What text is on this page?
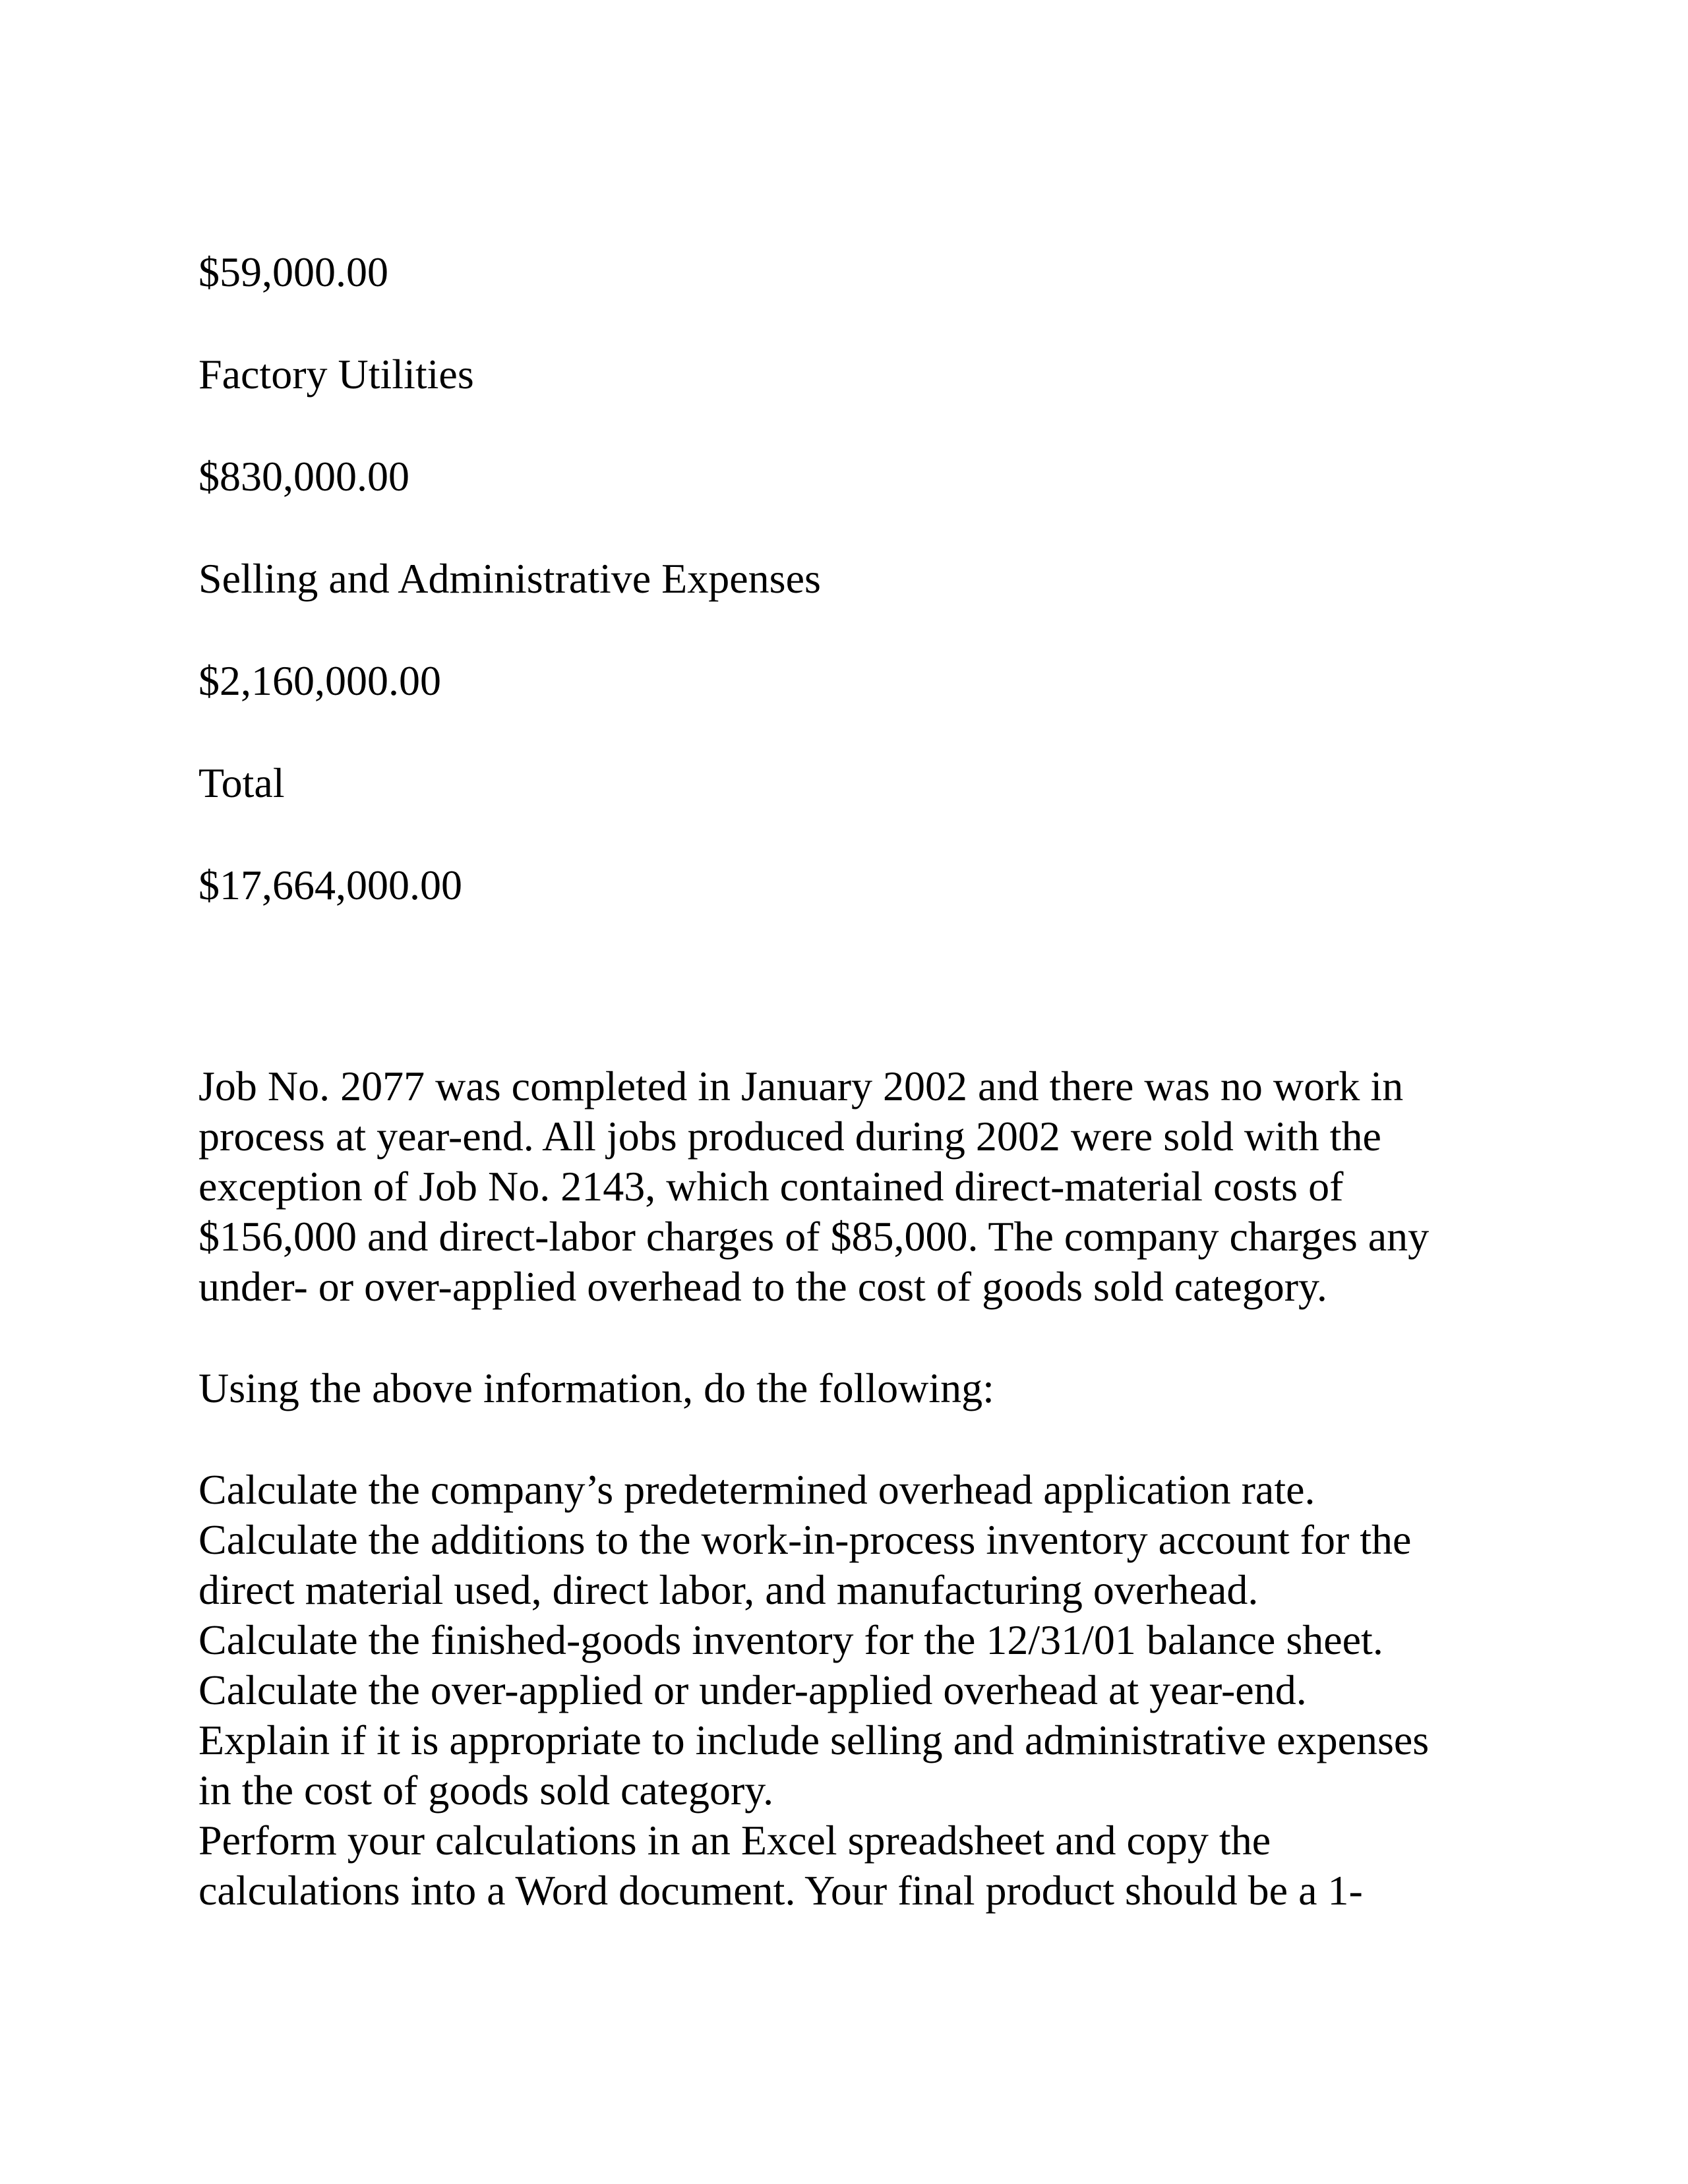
$59,000.00

Factory Utilities

$830,000.00

Selling and Administrative Expenses

$2,160,000.00

Total

$17,664,000.00

Job No. 2077 was completed in January 2002 and there was no work in
process at year-end. All jobs produced during 2002 were sold with the
exception of Job No. 2143, which contained direct-material costs of
$156,000 and direct-labor charges of $85,000. The company charges any
under- or over-applied overhead to the cost of goods sold category.

Using the above information, do the following:

Calculate the company’s predetermined overhead application rate.
Calculate the additions to the work-in-process inventory account for the
direct material used, direct labor, and manufacturing overhead.
Calculate the finished-goods inventory for the 12/31/01 balance sheet.
Calculate the over-applied or under-applied overhead at year-end.
Explain if it is appropriate to include selling and administrative expenses
in the cost of goods sold category.
Perform your calculations in an Excel spreadsheet and copy the
calculations into a Word document. Your final product should be a 1-
